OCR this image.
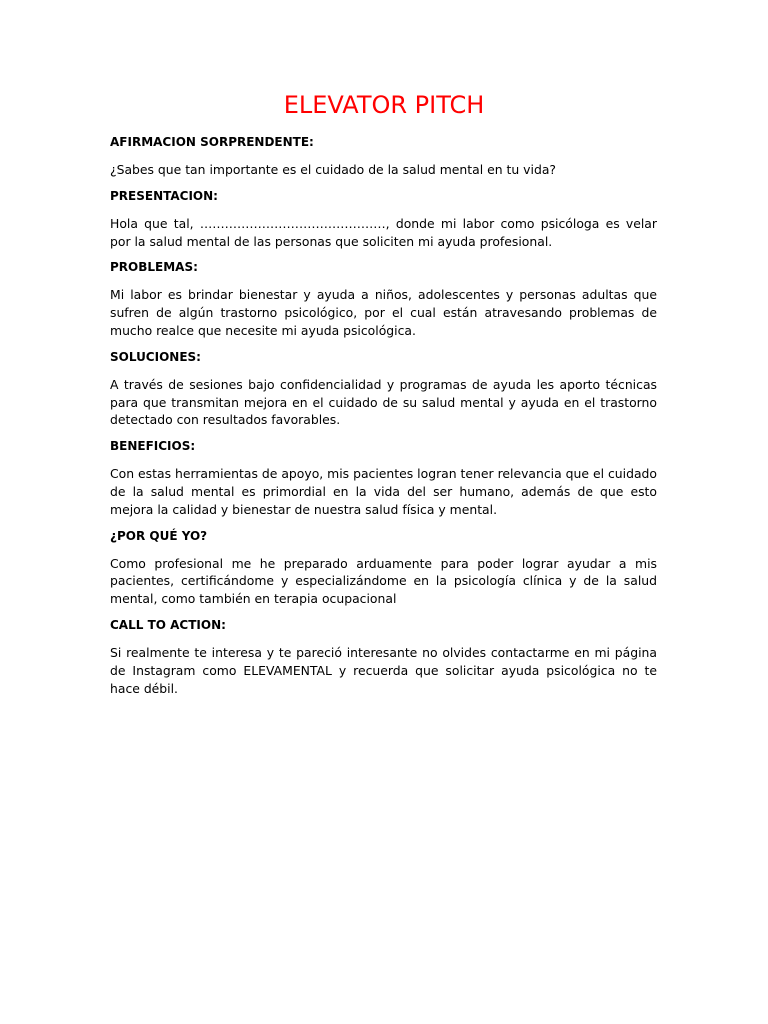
ELEVATOR PITCH

AFIRMACION SORPRENDENTE:

¿Sabes que tan importante es el cuidado de la salud mental en tu vida?

PRESENTACION:

Hola que tal, ………………………………………, donde mi labor como psicóloga es velar por la salud mental de las personas que soliciten mi ayuda profesional.

PROBLEMAS:

Mi labor es brindar bienestar y ayuda a niños, adolescentes y personas adultas que sufren de algún trastorno psicológico, por el cual están atravesando problemas de mucho realce que necesite mi ayuda psicológica.

SOLUCIONES:

A través de sesiones bajo confidencialidad y programas de ayuda les aporto técnicas para que transmitan mejora en el cuidado de su salud mental y ayuda en el trastorno detectado con resultados favorables.

BENEFICIOS:

Con estas herramientas de apoyo, mis pacientes logran tener relevancia que el cuidado de la salud mental es primordial en la vida del ser humano, además de que esto mejora la calidad y bienestar de nuestra salud física y mental.

¿POR QUÉ YO?

Como profesional me he preparado arduamente para poder lograr ayudar a mis pacientes, certificándome y especializándome en la psicología clínica y de la salud mental, como también en terapia ocupacional

CALL TO ACTION:

Si realmente te interesa y te pareció interesante no olvides contactarme en mi página de Instagram como ELEVAMENTAL y recuerda que solicitar ayuda psicológica no te hace débil.
